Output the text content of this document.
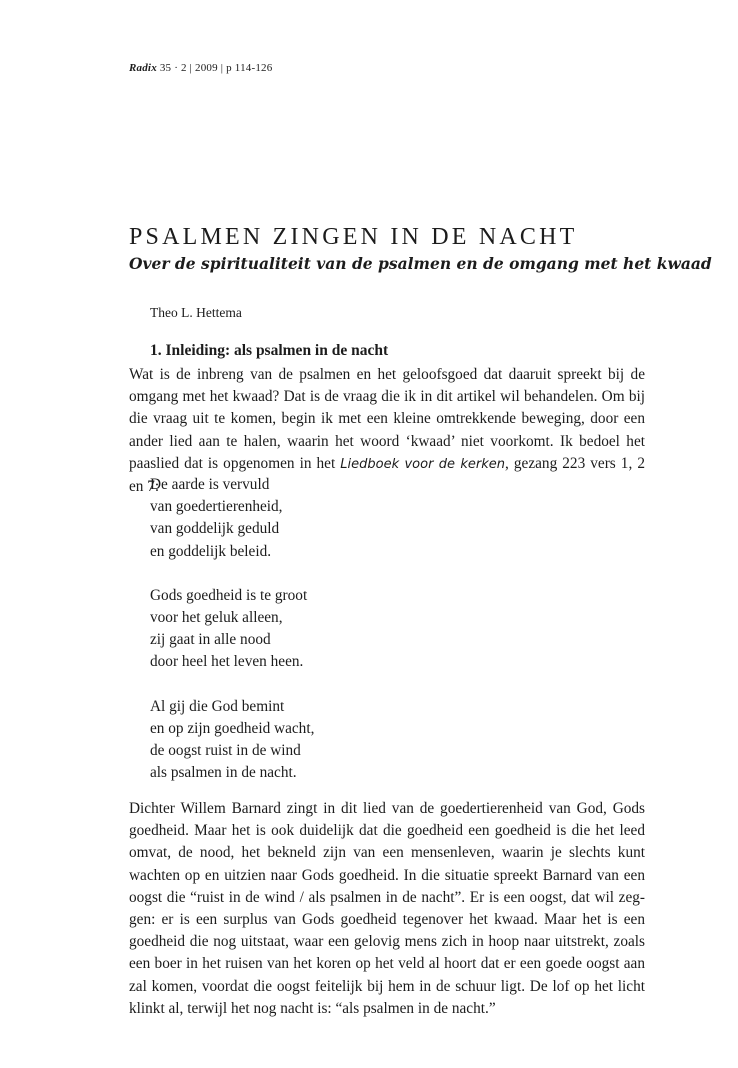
Radix 35 · 2 | 2009 | p 114-126
PSALMEN ZINGEN IN DE NACHT
Over de spiritualiteit van de psalmen en de omgang met het kwaad
Theo L. Hettema
1. Inleiding: als psalmen in de nacht

Wat is de inbreng van de psalmen en het geloofsgoed dat daaruit spreekt bij de omgang met het kwaad? Dat is de vraag die ik in dit artikel wil behandelen. Om bij die vraag uit te komen, begin ik met een kleine omtrekkende beweging, door een ander lied aan te halen, waarin het woord ‘kwaad’ niet voorkomt. Ik bedoel het paaslied dat is opgenomen in het Liedboek voor de kerken, gezang 223 vers 1, 2 en 7:

De aarde is vervuld
van goedertierenheid,
van goddelijk geduld
en goddelijk beleid.
Gods goedheid is te groot
voor het geluk alleen,
zij gaat in alle nood
door heel het leven heen.
Al gij die God bemint
en op zijn goedheid wacht,
de oogst ruist in de wind
als psalmen in de nacht.

Dichter Willem Barnard zingt in dit lied van de goedertierenheid van God, Gods goedheid. Maar het is ook duidelijk dat die goedheid een goedheid is die het leed omvat, de nood, het bekneld zijn van een mensenleven, waarin je slechts kunt wachten op en uitzien naar Gods goedheid. In die situatie spreekt Barnard van een oogst die “ruist in de wind / als psalmen in de nacht”. Er is een oogst, dat wil zeg-gen: er is een surplus van Gods goedheid tegenover het kwaad. Maar het is een goedheid die nog uitstaat, waar een gelovig mens zich in hoop naar uitstrekt, zoals een boer in het ruisen van het koren op het veld al hoort dat er een goede oogst aan zal komen, voordat die oogst feitelijk bij hem in de schuur ligt. De lof op het licht klinkt al, terwijl het nog nacht is: “als psalmen in de nacht.”
